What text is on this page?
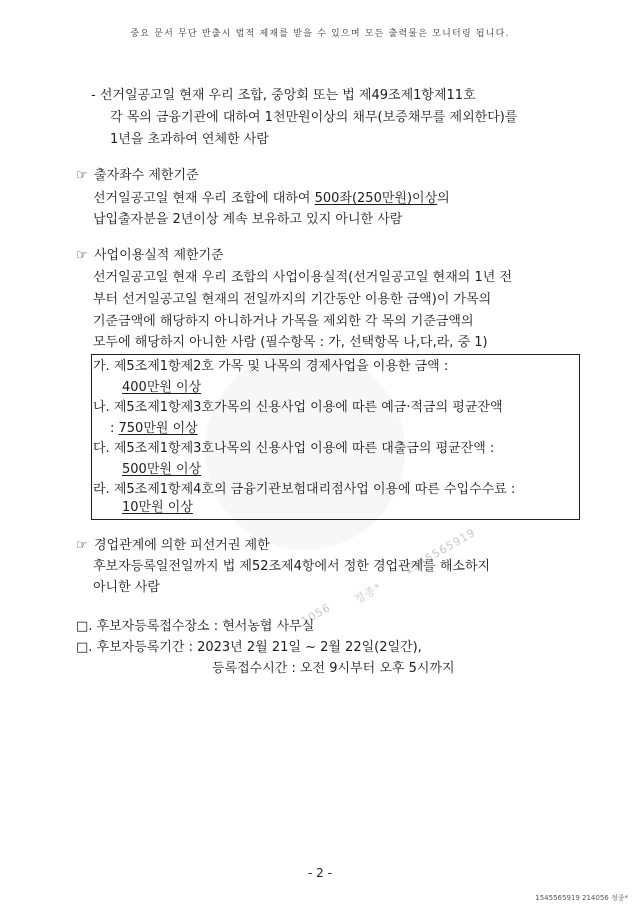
중요 문서 무단 반출시 법적 제재를 받을 수 있으며 모든 출력물은 모니터링 됩니다.
1545565919
정종*
1056
- 선거일공고일 현재 우리 조합, 중앙회 또는 법 제49조제1항제11호
각 목의 금융기관에 대하여 1천만원이상의 채무(보증채무를 제외한다)를
1년을 초과하여 연체한 사람
☞ 출자좌수 제한기준
선거일공고일 현재 우리 조합에 대하여 500좌(250만원)이상의
납입출자분을 2년이상 계속 보유하고 있지 아니한 사람
☞ 사업이용실적 제한기준
선거일공고일 현재 우리 조합의 사업이용실적(선거일공고일 현재의 1년 전
부터 선거일공고일 현재의 전일까지의 기간동안 이용한 금액)이 가목의
기준금액에 해당하지 아니하거나 가목을 제외한 각 목의 기준금액의
모두에 해당하지 아니한 사람 (필수항목 : 가, 선택항목 나,다,라, 중 1)
가. 제5조제1항제2호 가목 및 나목의 경제사업을 이용한 금액 :
400만원 이상
나. 제5조제1항제3호가목의 신용사업 이용에 따른 예금·적금의 평균잔액
: 750만원 이상
다. 제5조제1항제3호나목의 신용사업 이용에 따른 대출금의 평균잔액 :
500만원 이상
라. 제5조제1항제4호의 금융기관보험대리점사업 이용에 따른 수입수수료 :
10만원 이상
☞ 경업관계에 의한 피선거권 제한
후보자등록일전일까지 법 제52조제4항에서 정한 경업관계를 해소하지
아니한 사람
□. 후보자등록접수장소 : 현서농협 사무실
□. 후보자등록기간 : 2023년 2월 21일 ~ 2월 22일(2일간),
등록접수시간 : 오전 9시부터 오후 5시까지
- 2 -
1545565919 214056 정종*
